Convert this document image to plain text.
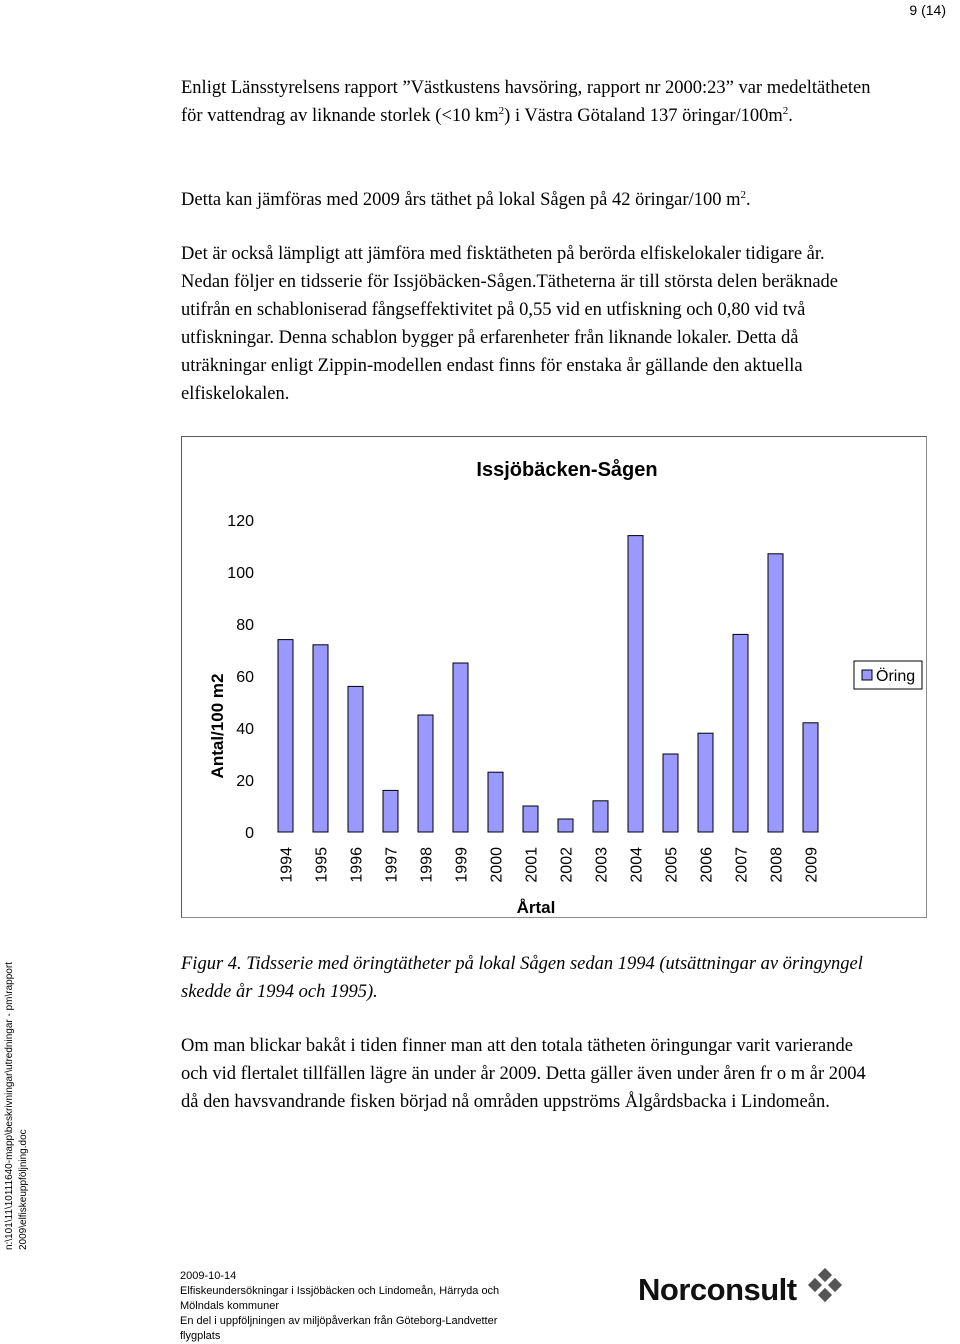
9 (14)

Enligt Länsstyrelsens rapport ”Västkustens havsöring, rapport nr 2000:23” var medeltätheten för vattendrag av liknande storlek (<10 $km^2$) i Västra Götaland 137 öringar/$100m^2$.

Detta kan jämföras med 2009 års täthet på lokal Sågen på 42 öringar/100 $m^2$.

Det är också lämpligt att jämföra med fisktätheten på berörda elfiskelokaler tidigare år. Nedan följer en tidsserie för Issjöbäcken-Sågen.Tätheterna är till största delen beräknade utifrån en schabloniserad fångseffektivitet på 0,55 vid en utfiskning och 0,80 vid två utfiskningar. Denna schablon bygger på erfarenheter från liknande lokaler. Detta då uträkningar enligt Zippin-modellen endast finns för enstaka år gällande den aktuella elfiskelokalen.

Issjöbäcken-Sågen
0
20
40
60
80
100
120
Antal/100 m2
1994 1995 1996 1997 1998 1999 2000 2001 2002 2003 2004 2005 2006 2007 2008 2009
Årtal
Öring

Figur 4. Tidsserie med öringtätheter på lokal Sågen sedan 1994 (utsättningar av öringyngel skedde år 1994 och 1995).

Om man blickar bakåt i tiden finner man att den totala tätheten öringungar varit varierande och vid flertalet tillfällen lägre än under år 2009. Detta gäller även under åren fr o m år 2004 då den havsvandrande fisken börjad nå områden uppströms Ålgårdsbacka i Lindomeån.

n:\101\11\10111640-mapp\beskrivningar\utredningar - pm\rapport 2009\elfiskeuppföljning.doc
2009-10-14
Elfiskeundersökningar i Issjöbäcken och Lindomeån, Härryda och
Mölndals kommuner
En del i uppföljningen av miljöpåverkan från Göteborg-Landvetter
flygplats
Norconsult
